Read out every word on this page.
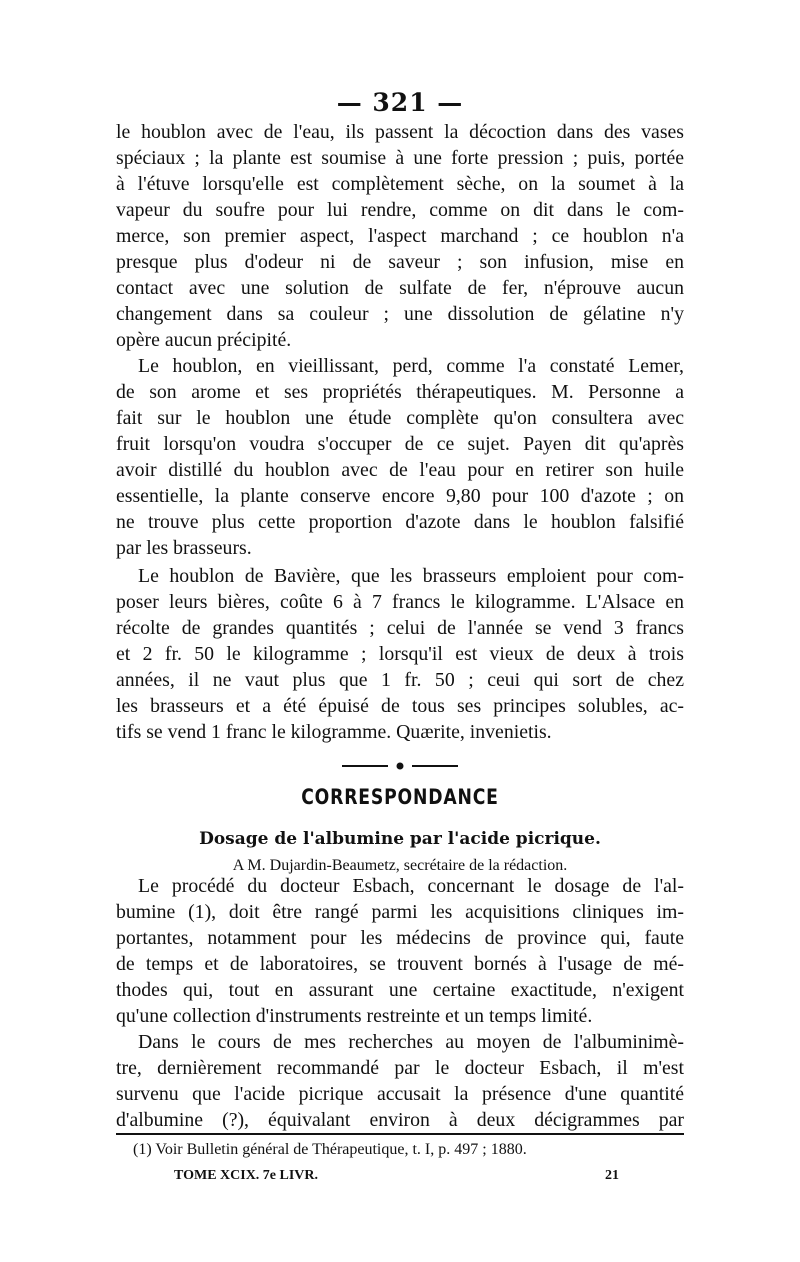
— 321 —
le houblon avec de l'eau, ils passent la décoction dans des vases
spéciaux ; la plante est soumise à une forte pression ; puis, portée
à l'étuve lorsqu'elle est complètement sèche, on la soumet à la
vapeur du soufre pour lui rendre, comme on dit dans le com-
merce, son premier aspect, l'aspect marchand ; ce houblon n'a
presque plus d'odeur ni de saveur ; son infusion, mise en
contact avec une solution de sulfate de fer, n'éprouve aucun
changement dans sa couleur ; une dissolution de gélatine n'y
opère aucun précipité.
Le houblon, en vieillissant, perd, comme l'a constaté Lemer,
de son arome et ses propriétés thérapeutiques. M. Personne a
fait sur le houblon une étude complète qu'on consultera avec
fruit lorsqu'on voudra s'occuper de ce sujet. Payen dit qu'après
avoir distillé du houblon avec de l'eau pour en retirer son huile
essentielle, la plante conserve encore 9,80 pour 100 d'azote ; on
ne trouve plus cette proportion d'azote dans le houblon falsifié
par les brasseurs.
Le houblon de Bavière, que les brasseurs emploient pour com-
poser leurs bières, coûte 6 à 7 francs le kilogramme. L'Alsace en
récolte de grandes quantités ; celui de l'année se vend 3 francs
et 2 fr. 50 le kilogramme ; lorsqu'il est vieux de deux à trois
années, il ne vaut plus que 1 fr. 50 ; ceui qui sort de chez
les brasseurs et a été épuisé de tous ses principes solubles, ac-
tifs se vend 1 franc le kilogramme. Quærite, invenietis.
CORRESPONDANCE
Dosage de l'albumine par l'acide picrique.
A M. Dujardin-Beaumetz, secrétaire de la rédaction.
Le procédé du docteur Esbach, concernant le dosage de l'al-
bumine (1), doit être rangé parmi les acquisitions cliniques im-
portantes, notamment pour les médecins de province qui, faute
de temps et de laboratoires, se trouvent bornés à l'usage de mé-
thodes qui, tout en assurant une certaine exactitude, n'exigent
qu'une collection d'instruments restreinte et un temps limité.
Dans le cours de mes recherches au moyen de l'albuminimè-
tre, dernièrement recommandé par le docteur Esbach, il m'est
survenu que l'acide picrique accusait la présence d'une quantité
d'albumine (?), équivalant environ à deux décigrammes par
(1) Voir Bulletin général de Thérapeutique, t. I, p. 497 ; 1880.
TOME XCIX. 7e LIVR.	21
